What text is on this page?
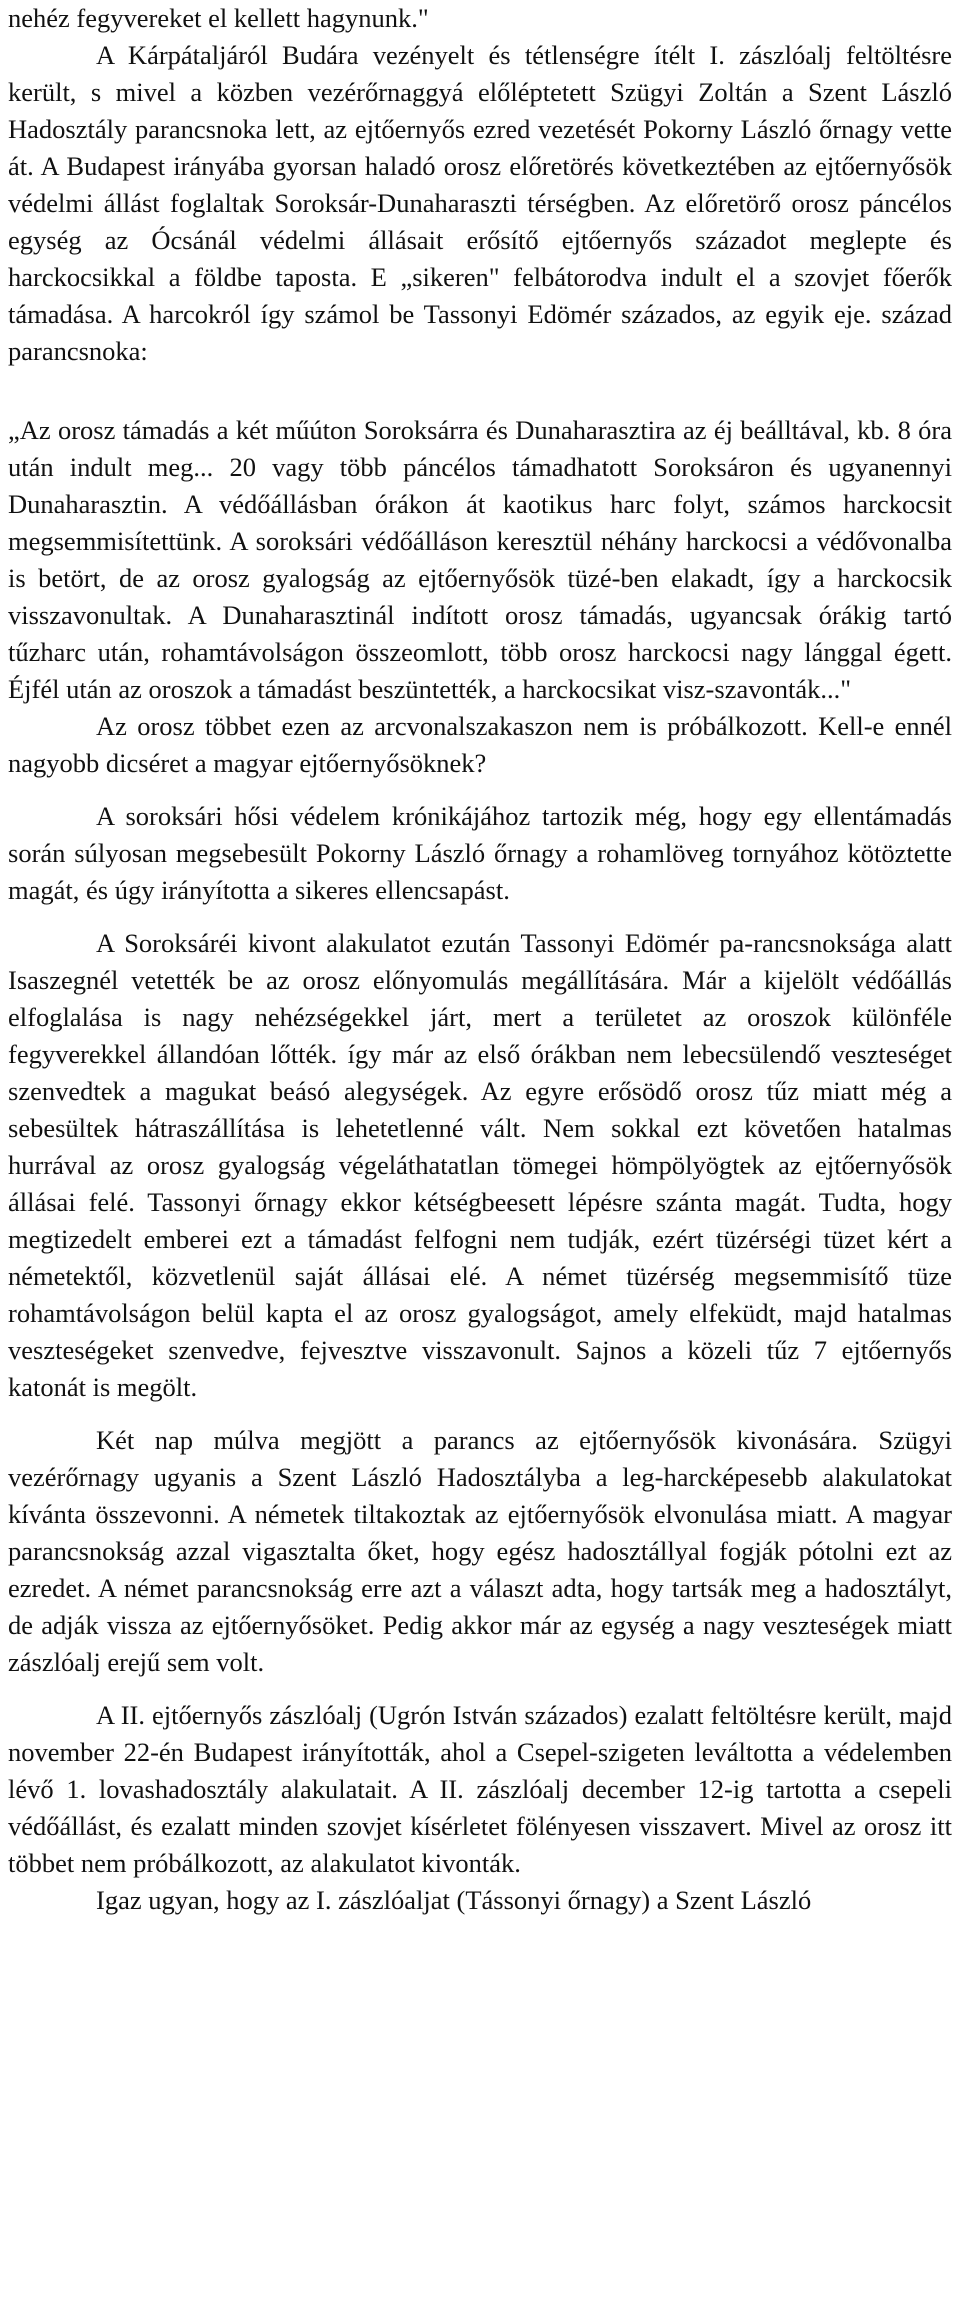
nehéz fegyvereket el kellett hagynunk."

A Kárpátaljáról Budára vezényelt és tétlenségre ítélt I. zászlóalj feltöltésre került, s mivel a közben vezérőrnaggyá előléptetett Szügyi Zoltán a Szent László Hadosztály parancsnoka lett, az ejtőernyős ezred vezetését Pokorny László őrnagy vette át. A Budapest irányába gyorsan haladó orosz előretörés következtében az ejtőernyősök védelmi állást foglaltak Soroksár-Dunaharaszti térségben. Az előretörő orosz páncélos egység az Ócsánál védelmi állásait erősítő ejtőernyős századot meglepte és harckocsikkal a földbe taposta. E „sikeren" felbátorodva indult el a szovjet főerők támadása. A harcokról így számol be Tassonyi Edömér százados, az egyik eje. század parancsnoka:

„Az orosz támadás a két műúton Soroksárra és Dunaharasztira az éj beálltával, kb. 8 óra után indult meg... 20 vagy több páncélos támadhatott Soroksáron és ugyanennyi Dunaharasztin. A védőállásban órákon át kaotikus harc folyt, számos harckocsit megsemmisítettünk. A soroksári védőálláson keresztül néhány harckocsi a védővonalba is betört, de az orosz gyalogság az ejtőernyősök tüzé-ben elakadt, így a harckocsik visszavonultak. A Dunaharasztinál indított orosz támadás, ugyancsak órákig tartó tűzharc után, rohamtávolságon összeomlott, több orosz harckocsi nagy lánggal égett. Éjfél után az oroszok a támadást beszüntették, a harckocsikat visz-szavonták..."

Az orosz többet ezen az arcvonalszakaszon nem is próbálkozott. Kell-e ennél nagyobb dicséret a magyar ejtőernyősöknek?

A soroksári hősi védelem krónikájához tartozik még, hogy egy ellentámadás során súlyosan megsebesült Pokorny László őrnagy a rohamlöveg tornyához kötöztette magát, és úgy irányította a sikeres ellencsapást.

A Soroksáréi kivont alakulatot ezután Tassonyi Edömér pa-rancsnoksága alatt Isaszegnél vetették be az orosz előnyomulás megállítására. Már a kijelölt védőállás elfoglalása is nagy nehézségekkel járt, mert a területet az oroszok különféle fegyverekkel állandóan lőtték. így már az első órákban nem lebecsülendő veszteséget szenvedtek a magukat beásó alegységek. Az egyre erősödő orosz tűz miatt még a sebesültek hátraszállítása is lehetetlenné vált. Nem sokkal ezt követően hatalmas hurrával az orosz gyalogság végeláthatatlan tömegei hömpölyögtek az ejtőernyősök állásai felé. Tassonyi őrnagy ekkor kétségbeesett lépésre szánta magát. Tudta, hogy megtizedelt emberei ezt a támadást felfogni nem tudják, ezért tüzérségi tüzet kért a németektől, közvetlenül saját állásai elé. A német tüzérség megsemmisítő tüze rohamtávolságon belül kapta el az orosz gyalogságot, amely elfeküdt, majd hatalmas veszteségeket szenvedve, fejvesztve visszavonult. Sajnos a közeli tűz 7 ejtőernyős katonát is megölt.

Két nap múlva megjött a parancs az ejtőernyősök kivonására. Szügyi vezérőrnagy ugyanis a Szent László Hadosztályba a leg-harcképesebb alakulatokat kívánta összevonni. A németek tiltakoztak az ejtőernyősök elvonulása miatt. A magyar parancsnokság azzal vigasztalta őket, hogy egész hadosztállyal fogják pótolni ezt az ezredet. A német parancsnokság erre azt a választ adta, hogy tartsák meg a hadosztályt, de adják vissza az ejtőernyősöket. Pedig akkor már az egység a nagy veszteségek miatt zászlóalj erejű sem volt.

A II. ejtőernyős zászlóalj (Ugrón István százados) ezalatt feltöltésre került, majd november 22-én Budapest irányították, ahol a Csepel-szigeten leváltotta a védelemben lévő 1. lovashadosztály alakulatait. A II. zászlóalj december 12-ig tartotta a csepeli védőállást, és ezalatt minden szovjet kísérletet fölényesen visszavert. Mivel az orosz itt többet nem próbálkozott, az alakulatot kivonták.

Igaz ugyan, hogy az I. zászlóaljat (Tássonyi őrnagy) a Szent László
